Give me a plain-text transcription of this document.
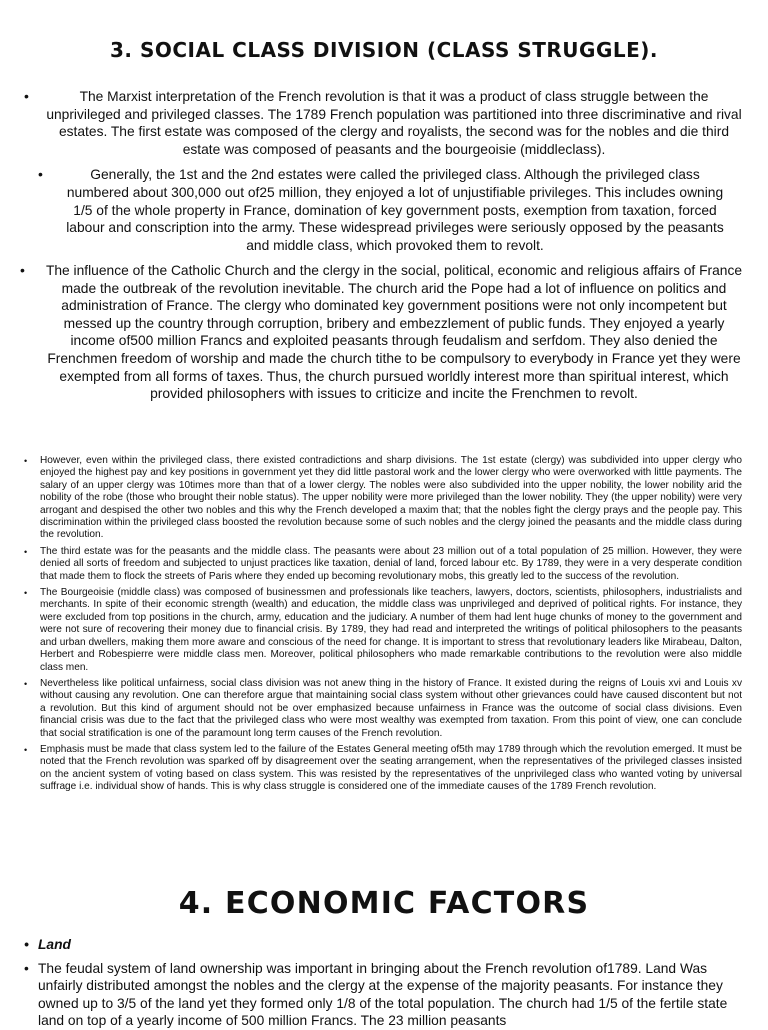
3. SOCIAL CLASS DIVISION (CLASS STRUGGLE).
•	The Marxist interpretation of the French revolution is that it was a product of class struggle between the unprivileged and privileged classes. The 1789 French population was partitioned into three discriminative and rival estates. The first estate was composed of the clergy and royalists, the second was for the nobles and die third estate was composed of peasants and the bourgeoisie (middleclass).
•	Generally, the 1st and the 2nd estates were called the privileged class. Although the privileged class numbered about 300,000 out of25 million, they enjoyed a lot of unjustifiable privileges. This includes owning 1/5 of the whole property in France, domination of key government posts, exemption from taxation, forced labour and conscription into the army. These widespread privileges were seriously opposed by the peasants and middle class, which provoked them to revolt.
• The influence of the Catholic Church and the clergy in the social, political, economic and religious affairs of France made the outbreak of the revolution inevitable. The church arid the Pope had a lot of influence on politics and administration of France. The clergy who dominated key government positions were not only incompetent but messed up the country through corruption, bribery and embezzlement of public funds. They enjoyed a yearly income of500 million Francs and exploited peasants through feudalism and serfdom. They also denied the Frenchmen freedom of worship and made the church tithe to be compulsory to everybody in France yet they were exempted from all forms of taxes. Thus, the church pursued worldly interest more than spiritual interest, which provided philosophers with issues to criticize and incite the Frenchmen to revolt.
• However, even within the privileged class, there existed contradictions and sharp divisions. The 1st estate (clergy) was subdivided into upper clergy who enjoyed the highest pay and key positions in government yet they did little pastoral work and the lower clergy who were overworked with little payments. The salary of an upper clergy was 10times more than that of a lower clergy. The nobles were also subdivided into the upper nobility, the lower nobility arid the nobility of the robe (those who brought their noble status). The upper nobility were more privileged than the lower nobility. They (the upper nobility) were very arrogant and despised the other two nobles and this why the French developed a maxim that; that the nobles fight the clergy prays and the people pay. This discrimination within the privileged class boosted the revolution because some of such nobles and the clergy joined the peasants and the middle class during the revolution.
• The third estate was for the peasants and the middle class. The peasants were about 23 million out of a total population of 25 million. However, they were denied all sorts of freedom and subjected to unjust practices like taxation, denial of land, forced labour etc. By 1789, they were in a very desperate condition that made them to flock the streets of Paris where they ended up becoming revolutionary mobs, this greatly led to the success of the revolution.
• The Bourgeoisie (middle class) was composed of businessmen and professionals like teachers, lawyers, doctors, scientists, philosophers, industrialists and merchants. In spite of their economic strength (wealth) and education, the middle class was unprivileged and deprived of political rights. For instance, they were excluded from top positions in the church, army, education and the judiciary. A number of them had lent huge chunks of money to the government and were not sure of recovering their money due to financial crisis. By 1789, they had read and interpreted the writings of political philosophers to the peasants and urban dwellers, making them more aware and conscious of the need for change. It is important to stress that revolutionary leaders like Mirabeau, Dalton, Herbert and Robespierre were middle class men. Moreover, political philosophers who made remarkable contributions to the revolution were also middle class men.
• Nevertheless like political unfairness, social class division was not anew thing in the history of France. It existed during the reigns of Louis xvi and Louis xv without causing any revolution. One can therefore argue that maintaining social class system without other grievances could have caused discontent but not a revolution. But this kind of argument should not be over emphasized because unfairness in France was the outcome of social class divisions. Even financial crisis was due to the fact that the privileged class who were most wealthy was exempted from taxation. From this point of view, one can conclude that social stratification is one of the paramount long term causes of the French revolution.
• Emphasis must be made that class system led to the failure of the Estates General meeting of5th may 1789 through which the revolution emerged. It must be noted that the French revolution was sparked off by disagreement over the seating arrangement, when the representatives of the privileged classes insisted on the ancient system of voting based on class system. This was resisted by the representatives of the unprivileged class who wanted voting by universal suffrage i.e. individual show of hands. This is why class struggle is considered one of the immediate causes of the 1789 French revolution.
4. ECONOMIC FACTORS
• Land
• The feudal system of land ownership was important in bringing about the French revolution of1789. Land Was unfairly distributed amongst the nobles and the clergy at the expense of the majority peasants. For instance they owned up to 3/5 of the land yet they formed only 1/8 of the total population. The church had 1/5 of the fertile state land on top of a yearly income of 500 million Francs. The 23 million peasants
